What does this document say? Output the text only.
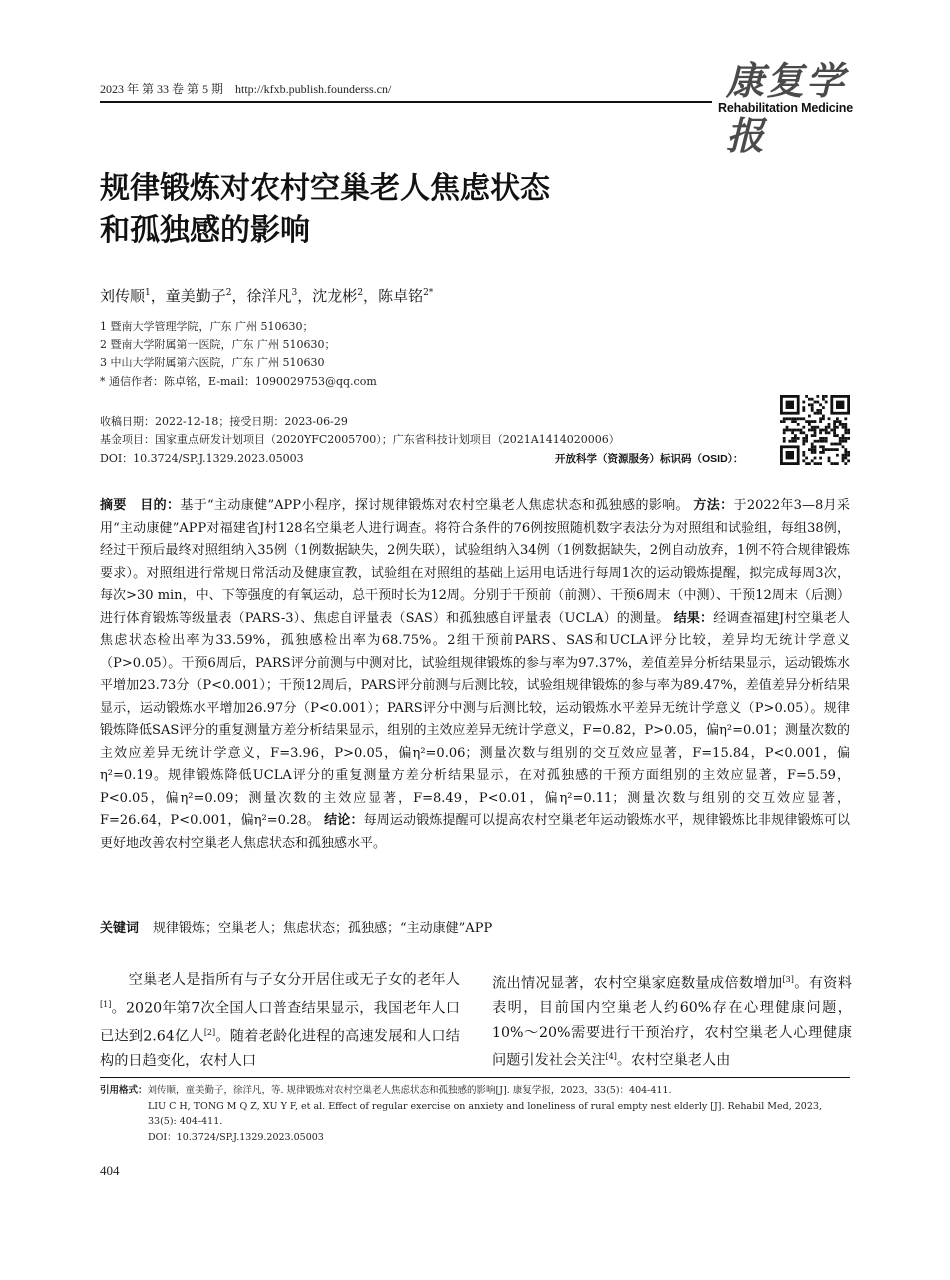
2023 年 第 33 卷 第 5 期 http://kfxb.publish.founderss.cn/	康复学报
Rehabilitation Medicine
规律锻炼对农村空巢老人焦虑状态
和孤独感的影响
刘传顺$^1$，童美勤子$^2$，徐洋凡$^3$，沈龙彬$^2$，陈卓铭$^{2*}$
1 暨南大学管理学院，广东 广州 510630；
2 暨南大学附属第一医院，广东 广州 510630；
3 中山大学附属第六医院，广东 广州 510630
* 通信作者：陈卓铭，E-mail：1090029753@qq.com
收稿日期：2022-12-18；接受日期：2023-06-29
基金项目：国家重点研发计划项目（2020YFC2005700）；广东省科技计划项目（2021A1414020006）
DOI：10.3724/SP.J.1329.2023.05003	开放科学（资源服务）标识码（OSID）：
摘要 目的：基于“主动康健”APP小程序，探讨规律锻炼对农村空巢老人焦虑状态和孤独感的影响。 方法：于2022年3—8月采用“主动康健”APP对福建省J村128名空巢老人进行调查。将符合条件的76例按照随机数字表法分为对照组和试验组，每组38例，经过干预后最终对照组纳入35例（1例数据缺失，2例失联），试验组纳入34例（1例数据缺失，2例自动放弃，1例不符合规律锻炼要求）。对照组进行常规日常活动及健康宣教，试验组在对照组的基础上运用电话进行每周1次的运动锻炼提醒，拟完成每周3次，每次>30 min，中、下等强度的有氧运动，总干预时长为12周。分别于干预前（前测）、干预6周末（中测）、干预12周末（后测）进行体育锻炼等级量表（PARS-3）、焦虑自评量表（SAS）和孤独感自评量表（UCLA）的测量。 结果：经调查福建J村空巢老人焦虑状态检出率为33.59%，孤独感检出率为68.75%。2组干预前PARS、SAS和UCLA评分比较，差异均无统计学意义（P>0.05）。干预6周后，PARS评分前测与中测对比，试验组规律锻炼的参与率为97.37%，差值差异分析结果显示，运动锻炼水平增加23.73分（P<0.001）；干预12周后，PARS评分前测与后测比较，试验组规律锻炼的参与率为89.47%，差值差异分析结果显示，运动锻炼水平增加26.97分（P<0.001）；PARS评分中测与后测比较，运动锻炼水平差异无统计学意义（P>0.05）。规律锻炼降低SAS评分的重复测量方差分析结果显示，组别的主效应差异无统计学意义，F=0.82，P>0.05，偏η²=0.01；测量次数的主效应差异无统计学意义，F=3.96，P>0.05，偏η²=0.06；测量次数与组别的交互效应显著，F=15.84，P<0.001，偏η²=0.19。规律锻炼降低UCLA评分的重复测量方差分析结果显示，在对孤独感的干预方面组别的主效应显著，F=5.59，P<0.05，偏η²=0.09；测量次数的主效应显著，F=8.49，P<0.01，偏η²=0.11；测量次数与组别的交互效应显著，F=26.64，P<0.001，偏η²=0.28。 结论：每周运动锻炼提醒可以提高农村空巢老年运动锻炼水平，规律锻炼比非规律锻炼可以更好地改善农村空巢老人焦虑状态和孤独感水平。
关键词 规律锻炼；空巢老人；焦虑状态；孤独感；“主动康健”APP
空巢老人是指所有与子女分开居住或无子女的老年人[1]。2020年第7次全国人口普查结果显示，我国老年人口已达到2.64亿人[2]。随着老龄化进程的高速发展和人口结构的日趋变化，农村人口
流出情况显著，农村空巢家庭数量成倍数增加[3]。有资料表明，目前国内空巢老人约60%存在心理健康问题，10%～20%需要进行干预治疗，农村空巢老人心理健康问题引发社会关注[4]。农村空巢老人由
引用格式：刘传顺，童美勤子，徐洋凡，等. 规律锻炼对农村空巢老人焦虑状态和孤独感的影响[J]. 康复学报，2023，33(5)：404-411.
LIU C H, TONG M Q Z, XU Y F, et al. Effect of regular exercise on anxiety and loneliness of rural empty nest elderly [J]. Rehabil Med, 2023, 33(5): 404-411.
DOI：10.3724/SP.J.1329.2023.05003
404
